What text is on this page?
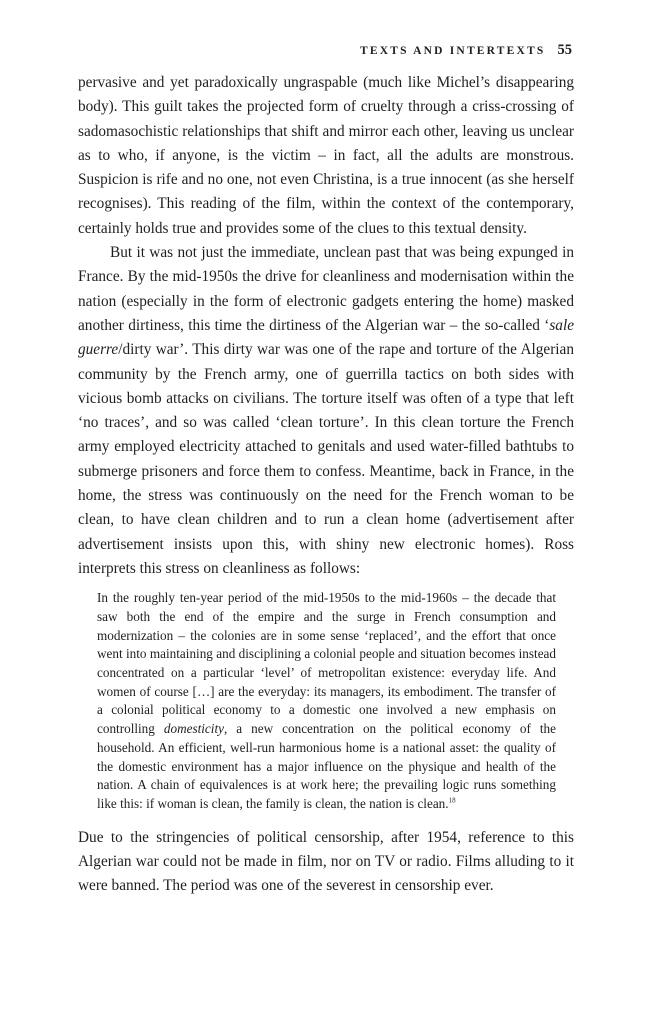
TEXTS AND INTERTEXTS 55

pervasive and yet paradoxically ungraspable (much like Michel’s disappearing body). This guilt takes the projected form of cruelty through a criss-crossing of sadomasochistic relationships that shift and mirror each other, leaving us unclear as to who, if anyone, is the victim – in fact, all the adults are monstrous. Suspicion is rife and no one, not even Christina, is a true innocent (as she herself recognises). This reading of the film, within the context of the contemporary, certainly holds true and provides some of the clues to this textual density.

But it was not just the immediate, unclean past that was being expunged in France. By the mid-1950s the drive for cleanliness and modernisation within the nation (especially in the form of electronic gadgets entering the home) masked another dirtiness, this time the dirtiness of the Algerian war – the so-called ‘sale guerre/dirty war’. This dirty war was one of the rape and torture of the Algerian community by the French army, one of guerrilla tactics on both sides with vicious bomb attacks on civilians. The torture itself was often of a type that left ‘no traces’, and so was called ‘clean torture’. In this clean torture the French army employed electricity attached to genitals and used water-filled bathtubs to submerge prisoners and force them to confess. Meantime, back in France, in the home, the stress was continuously on the need for the French woman to be clean, to have clean children and to run a clean home (advertisement after advertisement insists upon this, with shiny new electronic homes). Ross interprets this stress on cleanliness as follows:

In the roughly ten-year period of the mid-1950s to the mid-1960s – the decade that saw both the end of the empire and the surge in French consumption and modernization – the colonies are in some sense ‘replaced’, and the effort that once went into maintaining and disciplining a colonial people and situation becomes instead concentrated on a particular ‘level’ of metropolitan existence: everyday life. And women of course […] are the everyday: its managers, its embodiment. The transfer of a colonial political economy to a domestic one involved a new emphasis on controlling domesticity, a new concentration on the political economy of the household. An efficient, well-run harmonious home is a national asset: the quality of the domestic environment has a major influence on the physique and health of the nation. A chain of equivalences is at work here; the prevailing logic runs something like this: if woman is clean, the family is clean, the nation is clean.$^{18}$

Due to the stringencies of political censorship, after 1954, reference to this Algerian war could not be made in film, nor on TV or radio. Films alluding to it were banned. The period was one of the severest in censorship ever.
